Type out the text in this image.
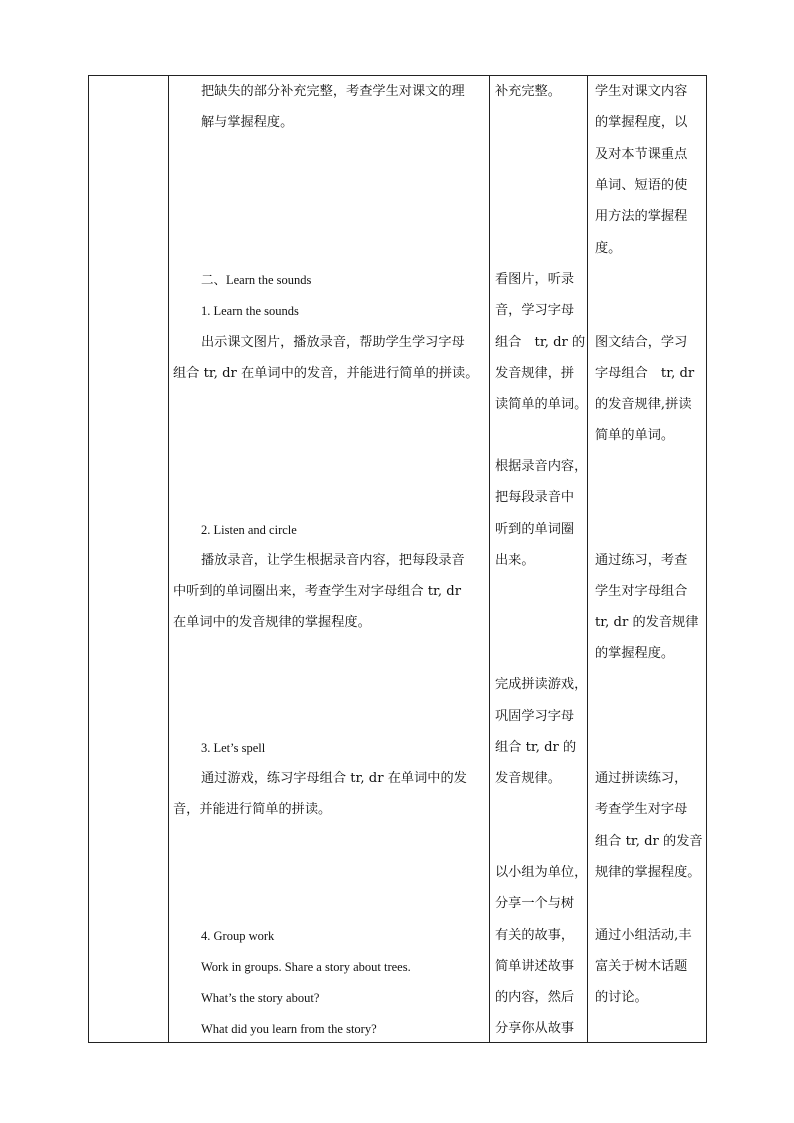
把缺失的部分补充完整，考查学生对课文的理
解与掌握程度。
二、Learn the sounds
1. Learn the sounds
出示课文图片，播放录音，帮助学生学习字母
组合 tr, dr 在单词中的发音，并能进行简单的拼读。
2. Listen and circle
播放录音，让学生根据录音内容，把每段录音
中听到的单词圈出来，考查学生对字母组合 tr, dr
在单词中的发音规律的掌握程度。
3. Let’s spell
通过游戏，练习字母组合 tr, dr 在单词中的发
音，并能进行简单的拼读。
4. Group work
Work in groups. Share a story about trees.
What’s the story about?
What did you learn from the story?
补充完整。
看图片，听录
音，学习字母
组合　tr, dr 的
发音规律，拼
读简单的单词。
根据录音内容，
把每段录音中
听到的单词圈
出来。
完成拼读游戏，
巩固学习字母
组合 tr, dr 的
发音规律。
以小组为单位，
分享一个与树
有关的故事，
简单讲述故事
的内容，然后
分享你从故事
学生对课文内容
的掌握程度，以
及对本节课重点
单词、短语的使
用方法的掌握程
度。
图文结合，学习
字母组合　tr, dr
的发音规律,拼读
简单的单词。
通过练习，考查
学生对字母组合
tr, dr 的发音规律
的掌握程度。
通过拼读练习，
考查学生对字母
组合 tr, dr 的发音
规律的掌握程度。
通过小组活动,丰
富关于树木话题
的讨论。
